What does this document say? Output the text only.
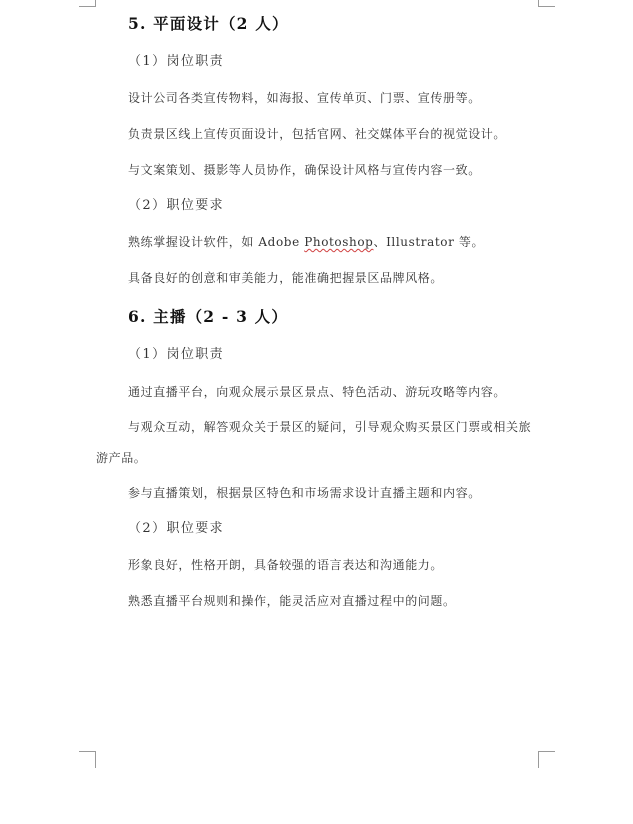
5. 平面设计（2 人）
（1）岗位职责
设计公司各类宣传物料，如海报、宣传单页、门票、宣传册等。
负责景区线上宣传页面设计，包括官网、社交媒体平台的视觉设计。
与文案策划、摄影等人员协作，确保设计风格与宣传内容一致。
（2）职位要求
熟练掌握设计软件，如 Adobe Photoshop、Illustrator 等。
具备良好的创意和审美能力，能准确把握景区品牌风格。
6. 主播（2 - 3 人）
（1）岗位职责
通过直播平台，向观众展示景区景点、特色活动、游玩攻略等内容。
与观众互动，解答观众关于景区的疑问，引导观众购买景区门票或相关旅
游产品。
参与直播策划，根据景区特色和市场需求设计直播主题和内容。
（2）职位要求
形象良好，性格开朗，具备较强的语言表达和沟通能力。
熟悉直播平台规则和操作，能灵活应对直播过程中的问题。
